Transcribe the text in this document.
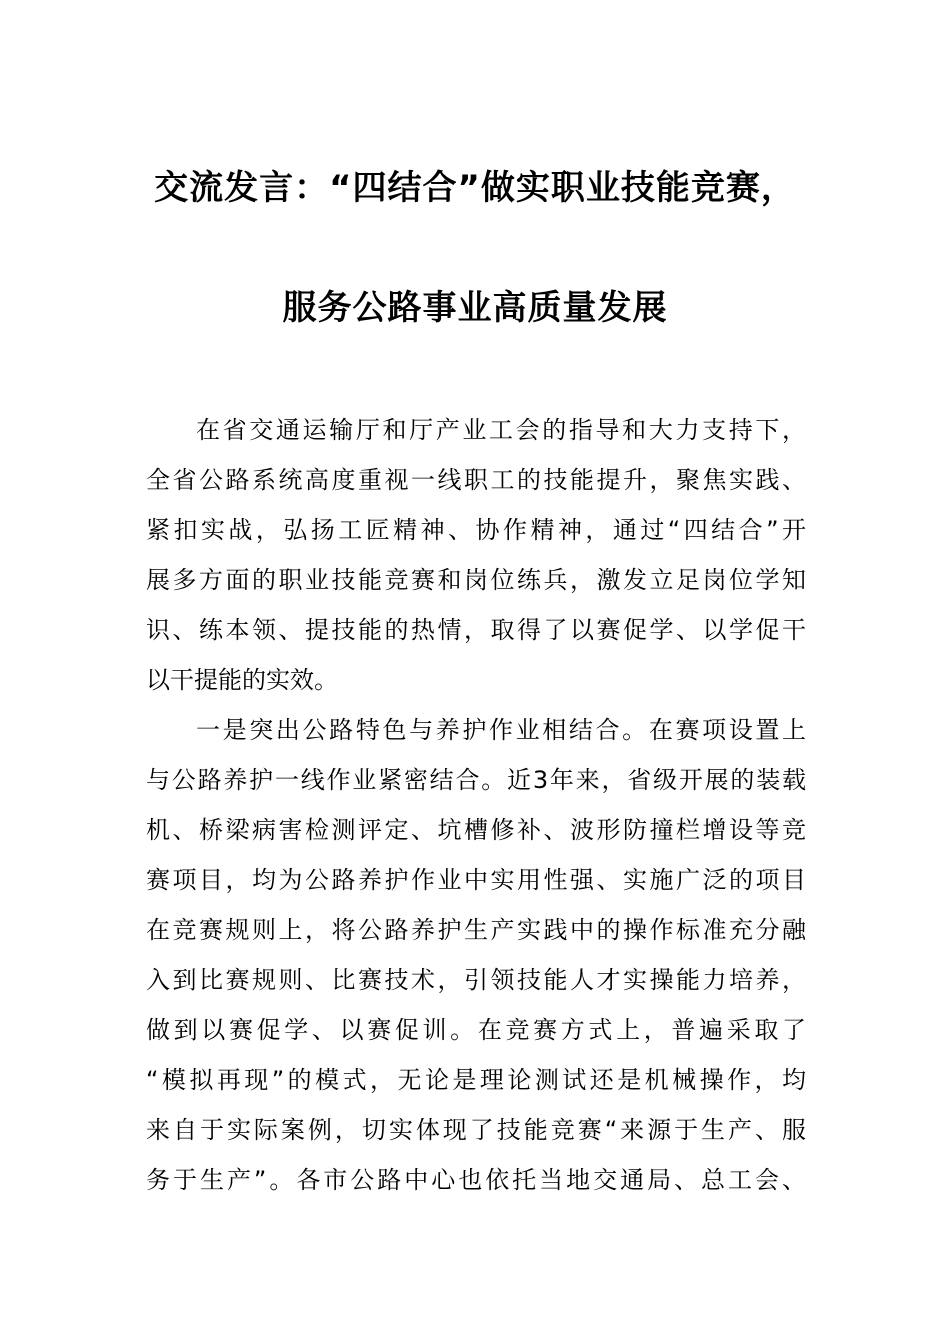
交流发言：“四结合”做实职业技能竞赛，
服务公路事业高质量发展
在省交通运输厅和厅产业工会的指导和大力支持下，
全省公路系统高度重视一线职工的技能提升，聚焦实践、
紧扣实战，弘扬工匠精神、协作精神，通过“四结合”开
展多方面的职业技能竞赛和岗位练兵，激发立足岗位学知
识、练本领、提技能的热情，取得了以赛促学、以学促干
以干提能的实效。
一是突出公路特色与养护作业相结合。在赛项设置上
与公路养护一线作业紧密结合。近3年来，省级开展的装载
机、桥梁病害检测评定、坑槽修补、波形防撞栏增设等竞
赛项目，均为公路养护作业中实用性强、实施广泛的项目
在竞赛规则上，将公路养护生产实践中的操作标准充分融
入到比赛规则、比赛技术，引领技能人才实操能力培养，
做到以赛促学、以赛促训。在竞赛方式上，普遍采取了
“模拟再现”的模式，无论是理论测试还是机械操作，均
来自于实际案例，切实体现了技能竞赛“来源于生产、服
务于生产”。各市公路中心也依托当地交通局、总工会、
